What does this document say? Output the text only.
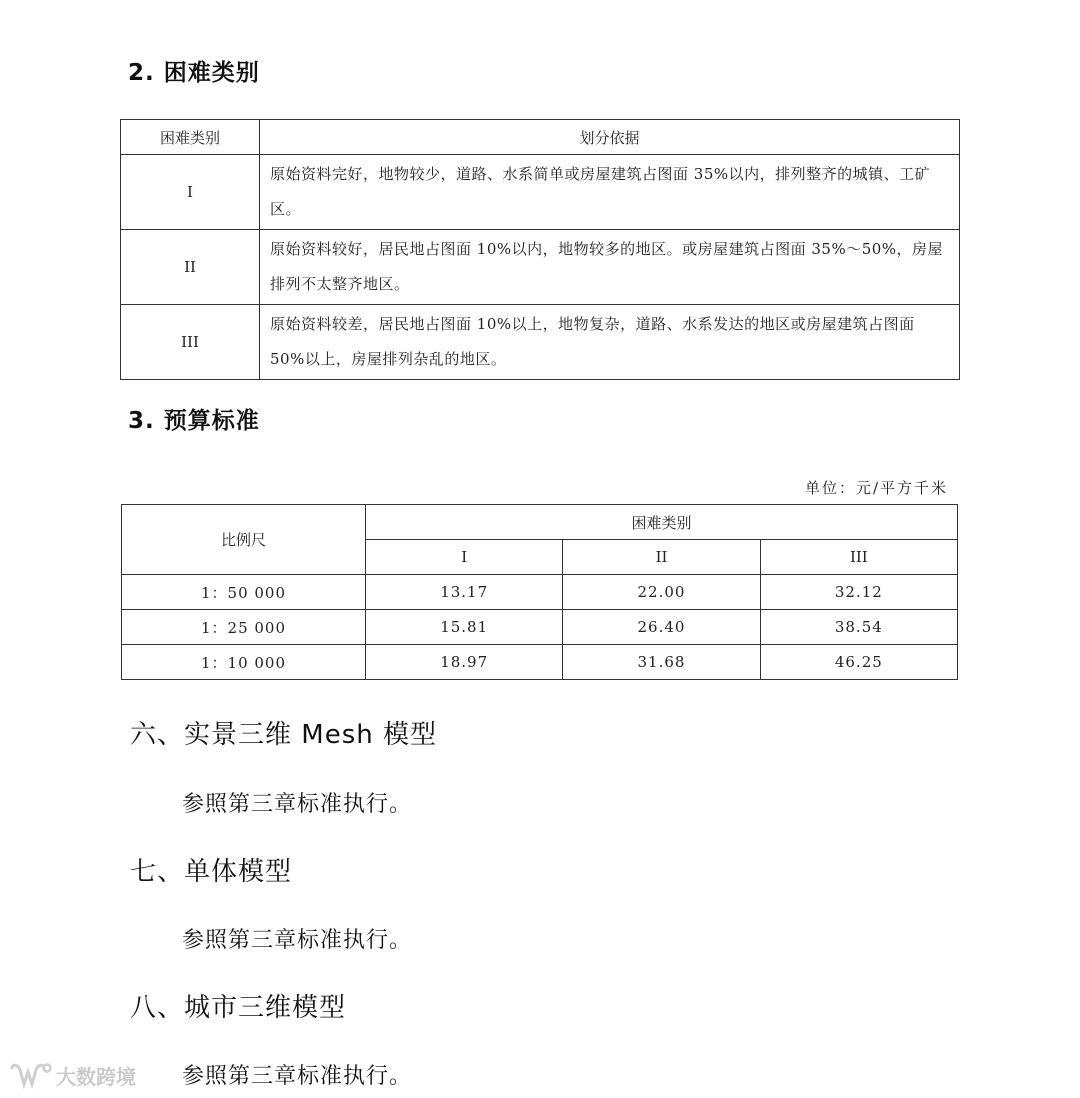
2. 困难类别
困难类别	划分依据
I	原始资料完好，地物较少，道路、水系简单或房屋建筑占图面 35%以内，排列整齐的城镇、工矿区。
II	原始资料较好，居民地占图面 10%以内，地物较多的地区。或房屋建筑占图面 35%～50%，房屋排列不太整齐地区。
III	原始资料较差，居民地占图面 10%以上，地物复杂，道路、水系发达的地区或房屋建筑占图面 50%以上，房屋排列杂乱的地区。
3. 预算标准
单位：元/平方千米
比例尺	困难类别		
	I	II	III
1：50 000	13.17	22.00	32.12
1：25 000	15.81	26.40	38.54
1：10 000	18.97	31.68	46.25
六、实景三维 Mesh 模型

参照第三章标准执行。

七、单体模型

参照第三章标准执行。

八、城市三维模型

参照第三章标准执行。

大数跨境
